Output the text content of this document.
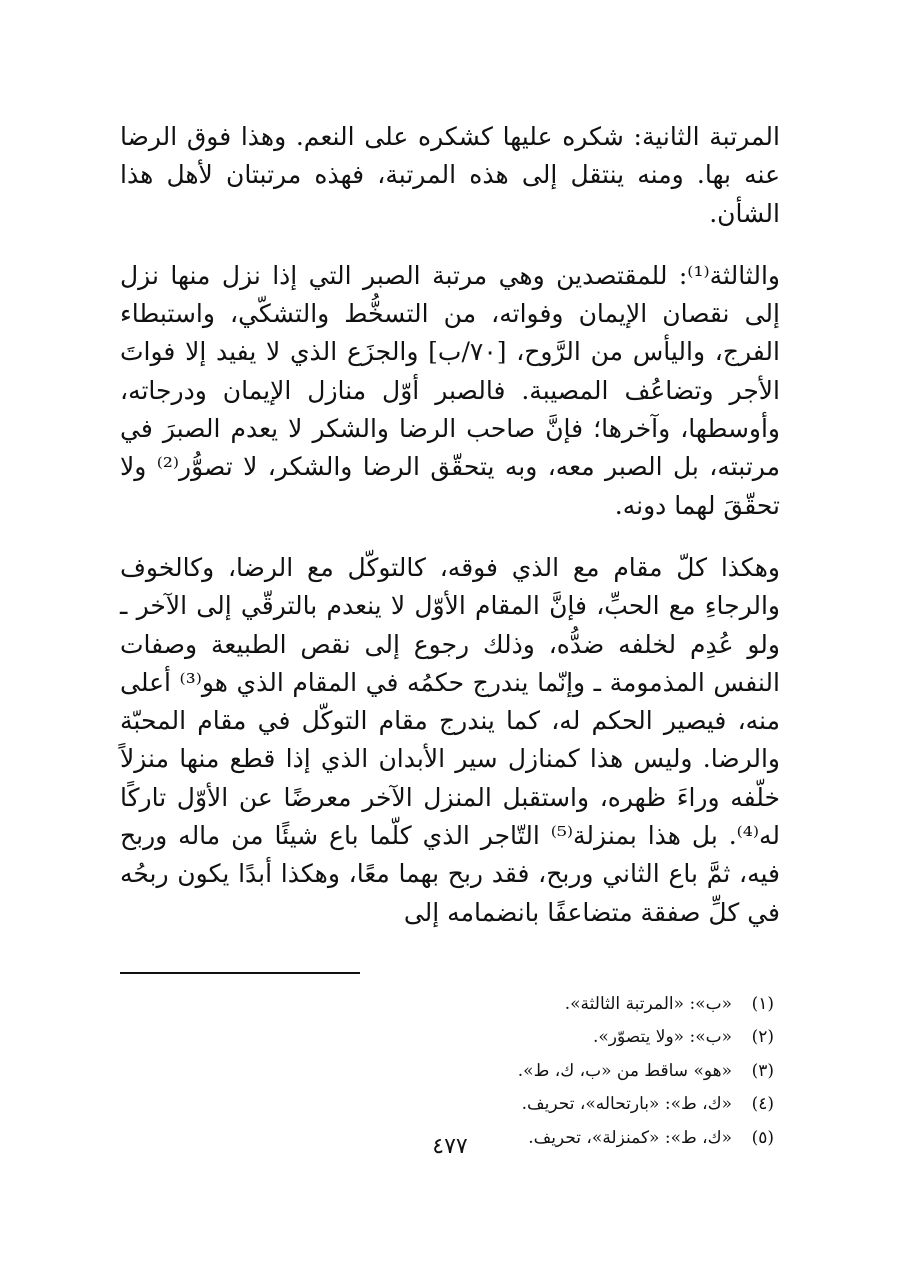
المرتبة الثانية: شكره عليها كشكره على النعم. وهذا فوق الرضا عنه بها. ومنه ينتقل إلى هذه المرتبة، فهذه مرتبتان لأهل هذا الشأن.

والثالثة⁽¹⁾: للمقتصدين وهي مرتبة الصبر التي إذا نزل منها نزل إلى نقصان الإيمان وفواته، من التسخُّط والتشكّي، واستبطاء الفرج، واليأس من الرَّوح، [٧٠/ب] والجزَع الذي لا يفيد إلا فواتَ الأجر وتضاعُف المصيبة. فالصبر أوّل منازل الإيمان ودرجاته، وأوسطها، وآخرها؛ فإنَّ صاحب الرضا والشكر لا يعدم الصبرَ في مرتبته، بل الصبر معه، وبه يتحقّق الرضا والشكر، لا تصوُّر⁽²⁾ ولا تحقّقَ لهما دونه.

وهكذا كلّ مقام مع الذي فوقه، كالتوكّل مع الرضا، وكالخوف والرجاءِ مع الحبِّ، فإنَّ المقام الأوّل لا ينعدم بالترقّي إلى الآخر ـ ولو عُدِم لخلفه ضدُّه، وذلك رجوع إلى نقص الطبيعة وصفات النفس المذمومة ـ وإنّما يندرج حكمُه في المقام الذي هو⁽³⁾ أعلى منه، فيصير الحكم له، كما يندرج مقام التوكّل في مقام المحبّة والرضا. وليس هذا كمنازل سير الأبدان الذي إذا قطع منها منزلاً خلّفه وراءَ ظهره، واستقبل المنزل الآخر معرضًا عن الأوّل تاركًا له⁽⁴⁾. بل هذا بمنزلة⁽⁵⁾ التّاجر الذي كلّما باع شيئًا من ماله وربح فيه، ثمَّ باع الثاني وربح، فقد ربح بهما معًا، وهكذا أبدًا يكون ربحُه في كلِّ صفقة متضاعفًا بانضمامه إلى

(١)
«ب»: «المرتبة الثالثة».
(٢)
«ب»: «ولا يتصوّر».
(٣)
«هو» ساقط من «ب، ك، ط».
(٤)
«ك، ط»: «بارتحاله»، تحريف.
(٥)
«ك، ط»: «كمنزلة»، تحريف.
٤٧٧
